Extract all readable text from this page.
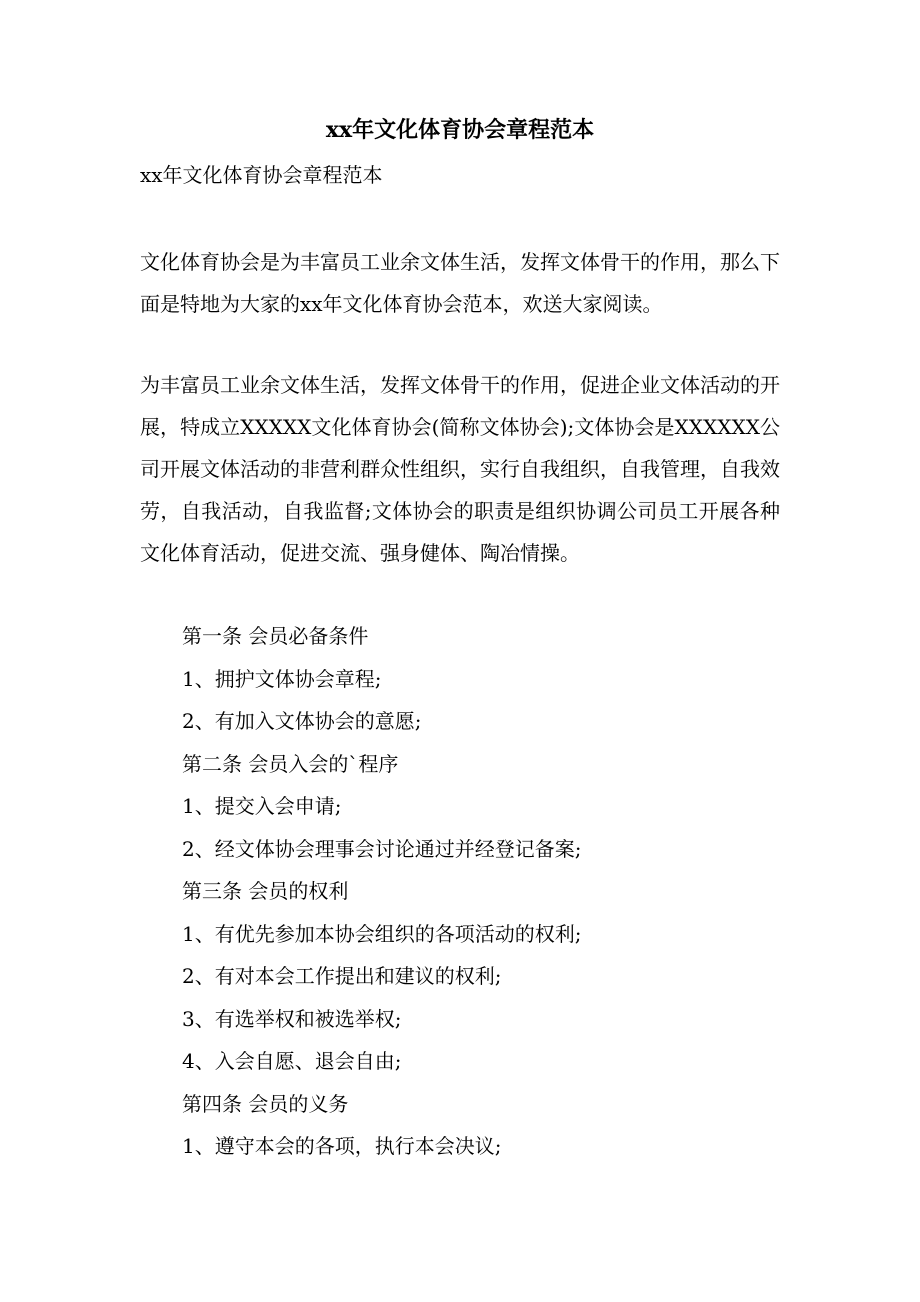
xx年文化体育协会章程范本

xx年文化体育协会章程范本

文化体育协会是为丰富员工业余文体生活，发挥文体骨干的作用，那么下面是特地为大家的xx年文化体育协会范本，欢送大家阅读。

为丰富员工业余文体生活，发挥文体骨干的作用，促进企业文体活动的开展，特成立XXXXX文化体育协会(简称文体协会);文体协会是XXXXXX公司开展文体活动的非营利群众性组织，实行自我组织，自我管理，自我效劳，自我活动，自我监督;文体协会的职责是组织协调公司员工开展各种文化体育活动，促进交流、强身健体、陶冶情操。

第一条 会员必备条件
1、拥护文体协会章程;
2、有加入文体协会的意愿;
第二条 会员入会的`程序
1、提交入会申请;
2、经文体协会理事会讨论通过并经登记备案;
第三条 会员的权利
1、有优先参加本协会组织的各项活动的权利;
2、有对本会工作提出和建议的权利;
3、有选举权和被选举权;
4、入会自愿、退会自由;
第四条 会员的义务
1、遵守本会的各项，执行本会决议;
